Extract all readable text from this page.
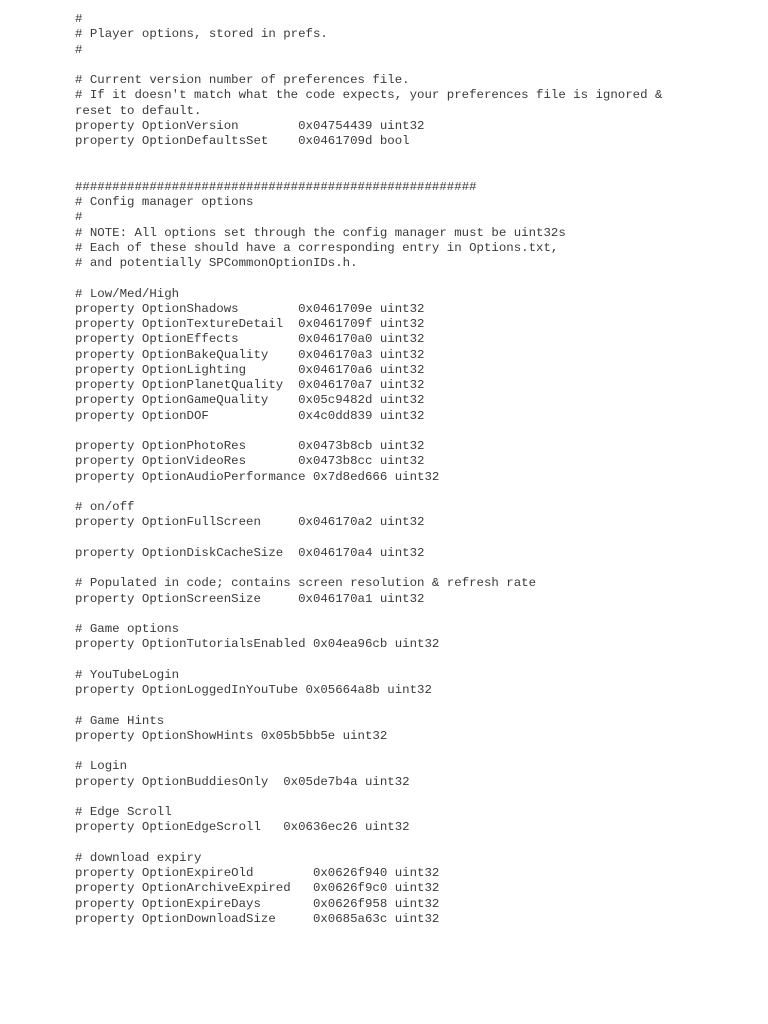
#
# Player options, stored in prefs.
#
# Current version number of preferences file.
# If it doesn't match what the code expects, your preferences file is ignored &
reset to default.
property OptionVersion        0x04754439 uint32
property OptionDefaultsSet    0x0461709d bool
######################################################
# Config manager options
#
# NOTE: All options set through the config manager must be uint32s
# Each of these should have a corresponding entry in Options.txt,
# and potentially SPCommonOptionIDs.h.
# Low/Med/High
property OptionShadows        0x0461709e uint32
property OptionTextureDetail  0x0461709f uint32
property OptionEffects        0x046170a0 uint32
property OptionBakeQuality    0x046170a3 uint32
property OptionLighting       0x046170a6 uint32
property OptionPlanetQuality  0x046170a7 uint32
property OptionGameQuality    0x05c9482d uint32
property OptionDOF            0x4c0dd839 uint32
property OptionPhotoRes       0x0473b8cb uint32
property OptionVideoRes       0x0473b8cc uint32
property OptionAudioPerformance 0x7d8ed666 uint32
# on/off
property OptionFullScreen     0x046170a2 uint32
property OptionDiskCacheSize  0x046170a4 uint32
# Populated in code; contains screen resolution & refresh rate
property OptionScreenSize     0x046170a1 uint32
# Game options
property OptionTutorialsEnabled 0x04ea96cb uint32
# YouTubeLogin
property OptionLoggedInYouTube 0x05664a8b uint32
# Game Hints
property OptionShowHints 0x05b5bb5e uint32
# Login
property OptionBuddiesOnly  0x05de7b4a uint32
# Edge Scroll
property OptionEdgeScroll   0x0636ec26 uint32
# download expiry
property OptionExpireOld        0x0626f940 uint32
property OptionArchiveExpired   0x0626f9c0 uint32
property OptionExpireDays       0x0626f958 uint32
property OptionDownloadSize     0x0685a63c uint32
